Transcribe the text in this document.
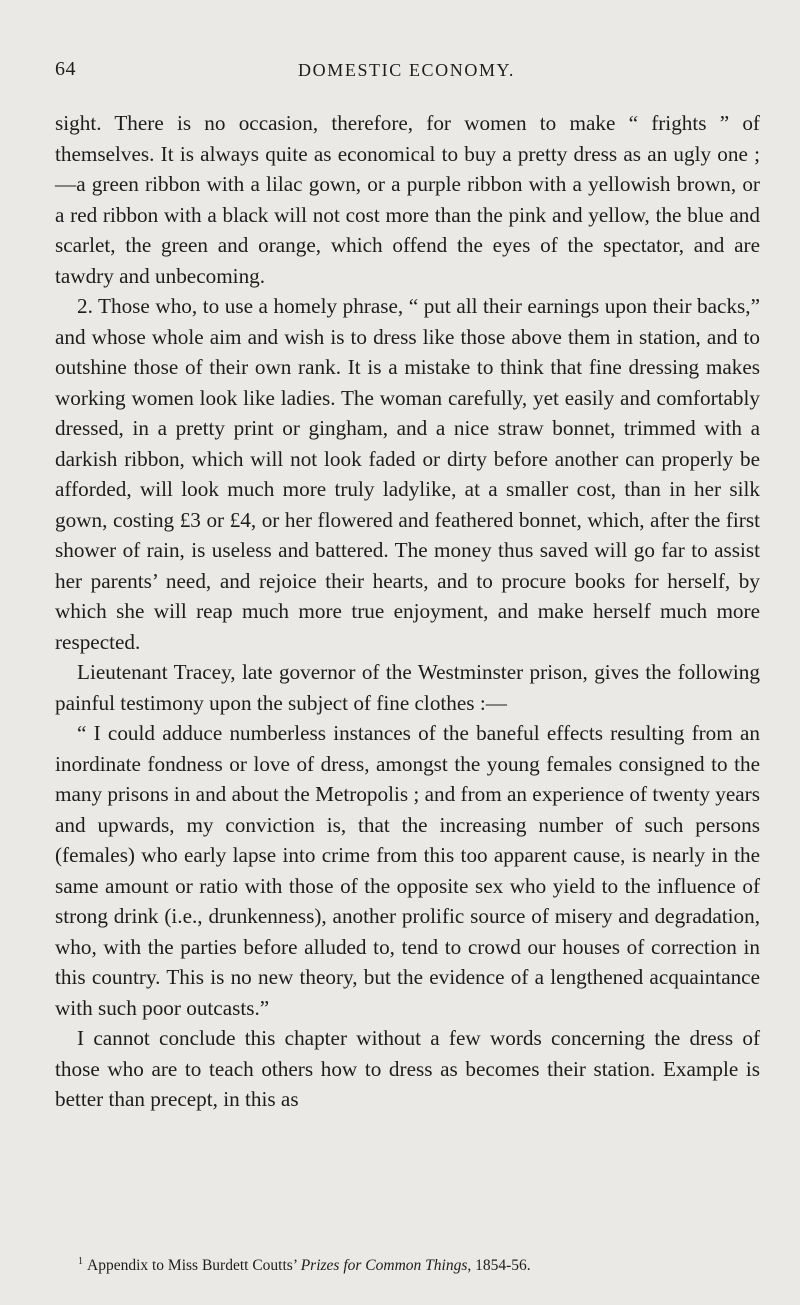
64	DOMESTIC ECONOMY.

sight. There is no occasion, therefore, for women to make “ frights ” of themselves. It is always quite as economical to buy a pretty dress as an ugly one ;—a green ribbon with a lilac gown, or a purple ribbon with a yellowish brown, or a red ribbon with a black will not cost more than the pink and yellow, the blue and scarlet, the green and orange, which offend the eyes of the spectator, and are tawdry and unbecoming.

2. Those who, to use a homely phrase, “ put all their earnings upon their backs,” and whose whole aim and wish is to dress like those above them in station, and to outshine those of their own rank. It is a mistake to think that fine dressing makes working women look like ladies. The woman carefully, yet easily and comfortably dressed, in a pretty print or gingham, and a nice straw bonnet, trimmed with a darkish ribbon, which will not look faded or dirty before another can properly be afforded, will look much more truly ladylike, at a smaller cost, than in her silk gown, costing £3 or £4, or her flowered and feathered bonnet, which, after the first shower of rain, is useless and battered. The money thus saved will go far to assist her parents’ need, and rejoice their hearts, and to procure books for herself, by which she will reap much more true enjoyment, and make herself much more respected.

Lieutenant Tracey, late governor of the Westminster prison, gives the following painful testimony upon the subject of fine clothes :—

“ I could adduce numberless instances of the baneful effects resulting from an inordinate fondness or love of dress, amongst the young females consigned to the many prisons in and about the Metropolis ; and from an experience of twenty years and upwards, my conviction is, that the increasing number of such persons (females) who early lapse into crime from this too apparent cause, is nearly in the same amount or ratio with those of the opposite sex who yield to the influence of strong drink (i.e., drunkenness), another prolific source of misery and degradation, who, with the parties before alluded to, tend to crowd our houses of correction in this country. This is no new theory, but the evidence of a lengthened acquaintance with such poor outcasts.”

I cannot conclude this chapter without a few words concerning the dress of those who are to teach others how to dress as becomes their station. Example is better than precept, in this as

$^1$ Appendix to Miss Burdett Coutts’ Prizes for Common Things, 1854-56.
